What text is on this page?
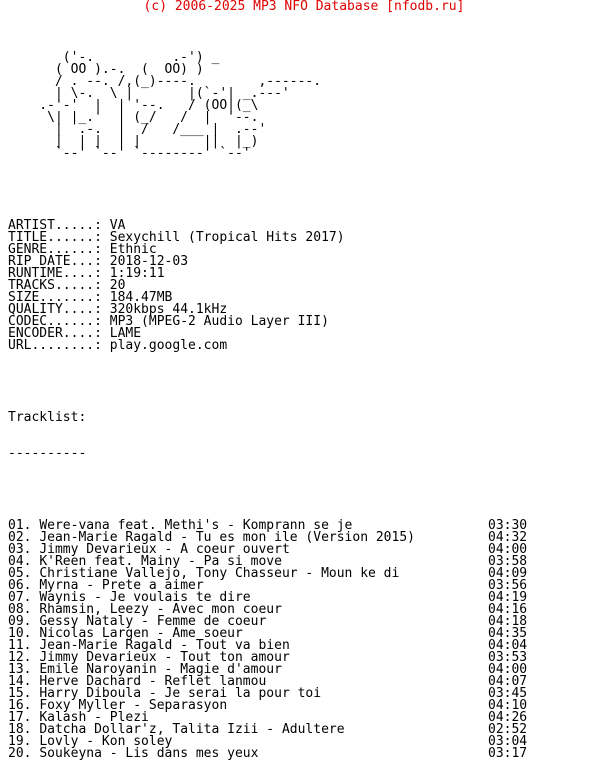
(c) 2006-2025 MP3 NFO Database [nfodb.ru]

('-.          .-') _
( OO ).-.  (  OO) )
/ . --. /,(_)----.        ,------.
| \-.  \ |       |(`-'| _.---'
.-'-'  |  | '--.   / (OO|(_\
\| |_.'  | (_/   /  |  '--.
|  .-.  |  /   /___ |  .--'
|  | |  | |        ||  |_)
`--' `--' `--------' `--'

ARTIST.....: VA
TITLE......: Sexychill (Tropical Hits 2017)
GENRE......: Ethnic
RIP DATE...: 2018-12-03
RUNTIME....: 1:19:11
TRACKS.....: 20
SIZE.......: 184.47MB
QUALITY....: 320kbps 44.1kHz
CODEC......: MP3 (MPEG-2 Audio Layer III)
ENCODER....: LAME
URL........: play.google.com

Tracklist:

----------

01. Were-vana feat. Methi's - Komprann se je	03:30
02. Jean-Marie Ragald - Tu es mon ile (Version 2015)	04:32
03. Jimmy Devarieux - A coeur ouvert	04:00
04. K'Reen feat. Mainy - Pa si move	03:58
05. Christiane Vallejo, Tony Chasseur - Moun ke di	04:09
06. Myrna - Prete a aimer	03:56
07. Waynis - Je voulais te dire	04:19
08. Rhamsin, Leezy - Avec mon coeur	04:16
09. Gessy Nataly - Femme de coeur	04:18
10. Nicolas Largen - Ame soeur	04:35
11. Jean-Marie Ragald - Tout va bien	04:04
12. Jimmy Devarieux - Tout ton amour	03:53
13. Emile Naroyanin - Magie d'amour	04:00
14. Herve Dachard - Reflet lanmou	04:07
15. Harry Diboula - Je serai la pour toi	03:45
16. Foxy Myller - Separasyon	04:10
17. Kalash - Plezi	04:26
18. Datcha Dollar'z, Talita Izii - Adultere	02:52
19. Lovly - Kon soley	03:04
20. Soukeyna - Lis dans mes yeux	03:17
